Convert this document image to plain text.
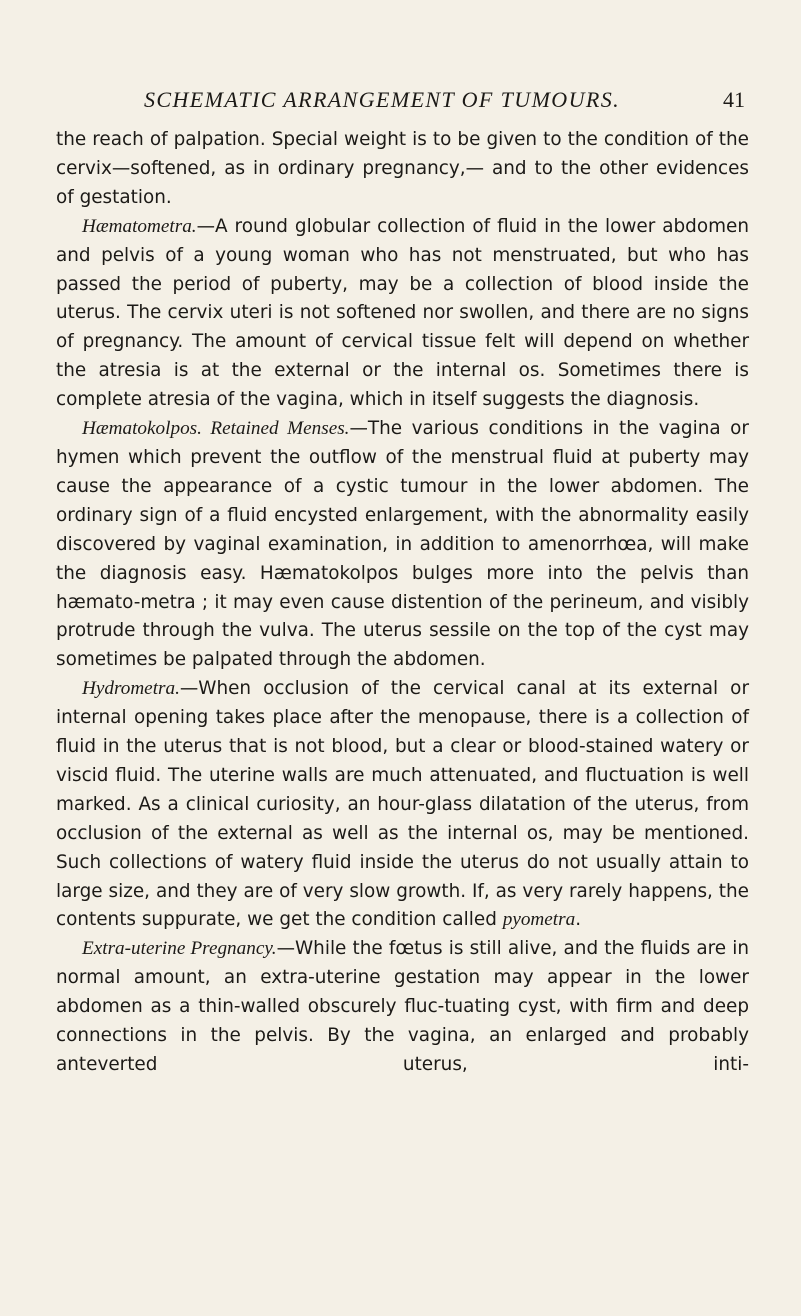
SCHEMATIC ARRANGEMENT OF TUMOURS.	41

the reach of palpation. Special weight is to be given to the condition of the cervix—softened, as in ordinary pregnancy,— and to the other evidences of gestation.

Hæmatometra.—A round globular collection of fluid in the lower abdomen and pelvis of a young woman who has not menstruated, but who has passed the period of puberty, may be a collection of blood inside the uterus. The cervix uteri is not softened nor swollen, and there are no signs of pregnancy. The amount of cervical tissue felt will depend on whether the atresia is at the external or the internal os. Sometimes there is complete atresia of the vagina, which in itself suggests the diagnosis.

Hæmatokolpos. Retained Menses.—The various conditions in the vagina or hymen which prevent the outflow of the menstrual fluid at puberty may cause the appearance of a cystic tumour in the lower abdomen. The ordinary sign of a fluid encysted enlargement, with the abnormality easily discovered by vaginal examination, in addition to amenorrhœa, will make the diagnosis easy. Hæmatokolpos bulges more into the pelvis than hæmato-metra ; it may even cause distention of the perineum, and visibly protrude through the vulva. The uterus sessile on the top of the cyst may sometimes be palpated through the abdomen.

Hydrometra.—When occlusion of the cervical canal at its external or internal opening takes place after the menopause, there is a collection of fluid in the uterus that is not blood, but a clear or blood-stained watery or viscid fluid. The uterine walls are much attenuated, and fluctuation is well marked. As a clinical curiosity, an hour-glass dilatation of the uterus, from occlusion of the external as well as the internal os, may be mentioned. Such collections of watery fluid inside the uterus do not usually attain to large size, and they are of very slow growth. If, as very rarely happens, the contents suppurate, we get the condition called pyometra.

Extra-uterine Pregnancy.—While the fœtus is still alive, and the fluids are in normal amount, an extra-uterine gestation may appear in the lower abdomen as a thin-walled obscurely fluc-tuating cyst, with firm and deep connections in the pelvis. By the vagina, an enlarged and probably anteverted uterus, inti-
